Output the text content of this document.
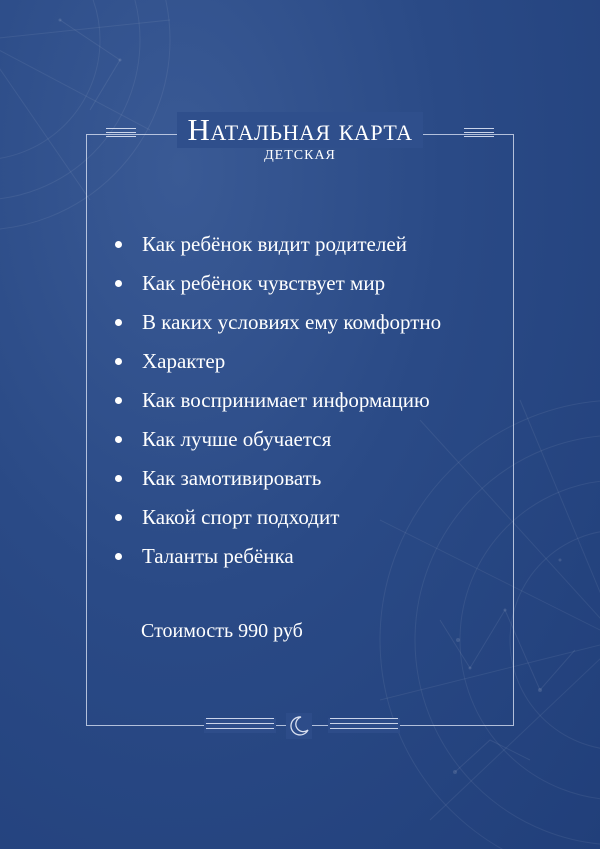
Натальная карта
детская
Как ребёнок видит родителей
Как ребёнок чувствует мир
В каких условиях ему комфортно
Характер
Как воспринимает информацию
Как лучше обучается
Как замотивировать
Какой спорт подходит
Таланты ребёнка
Стоимость 990 руб
